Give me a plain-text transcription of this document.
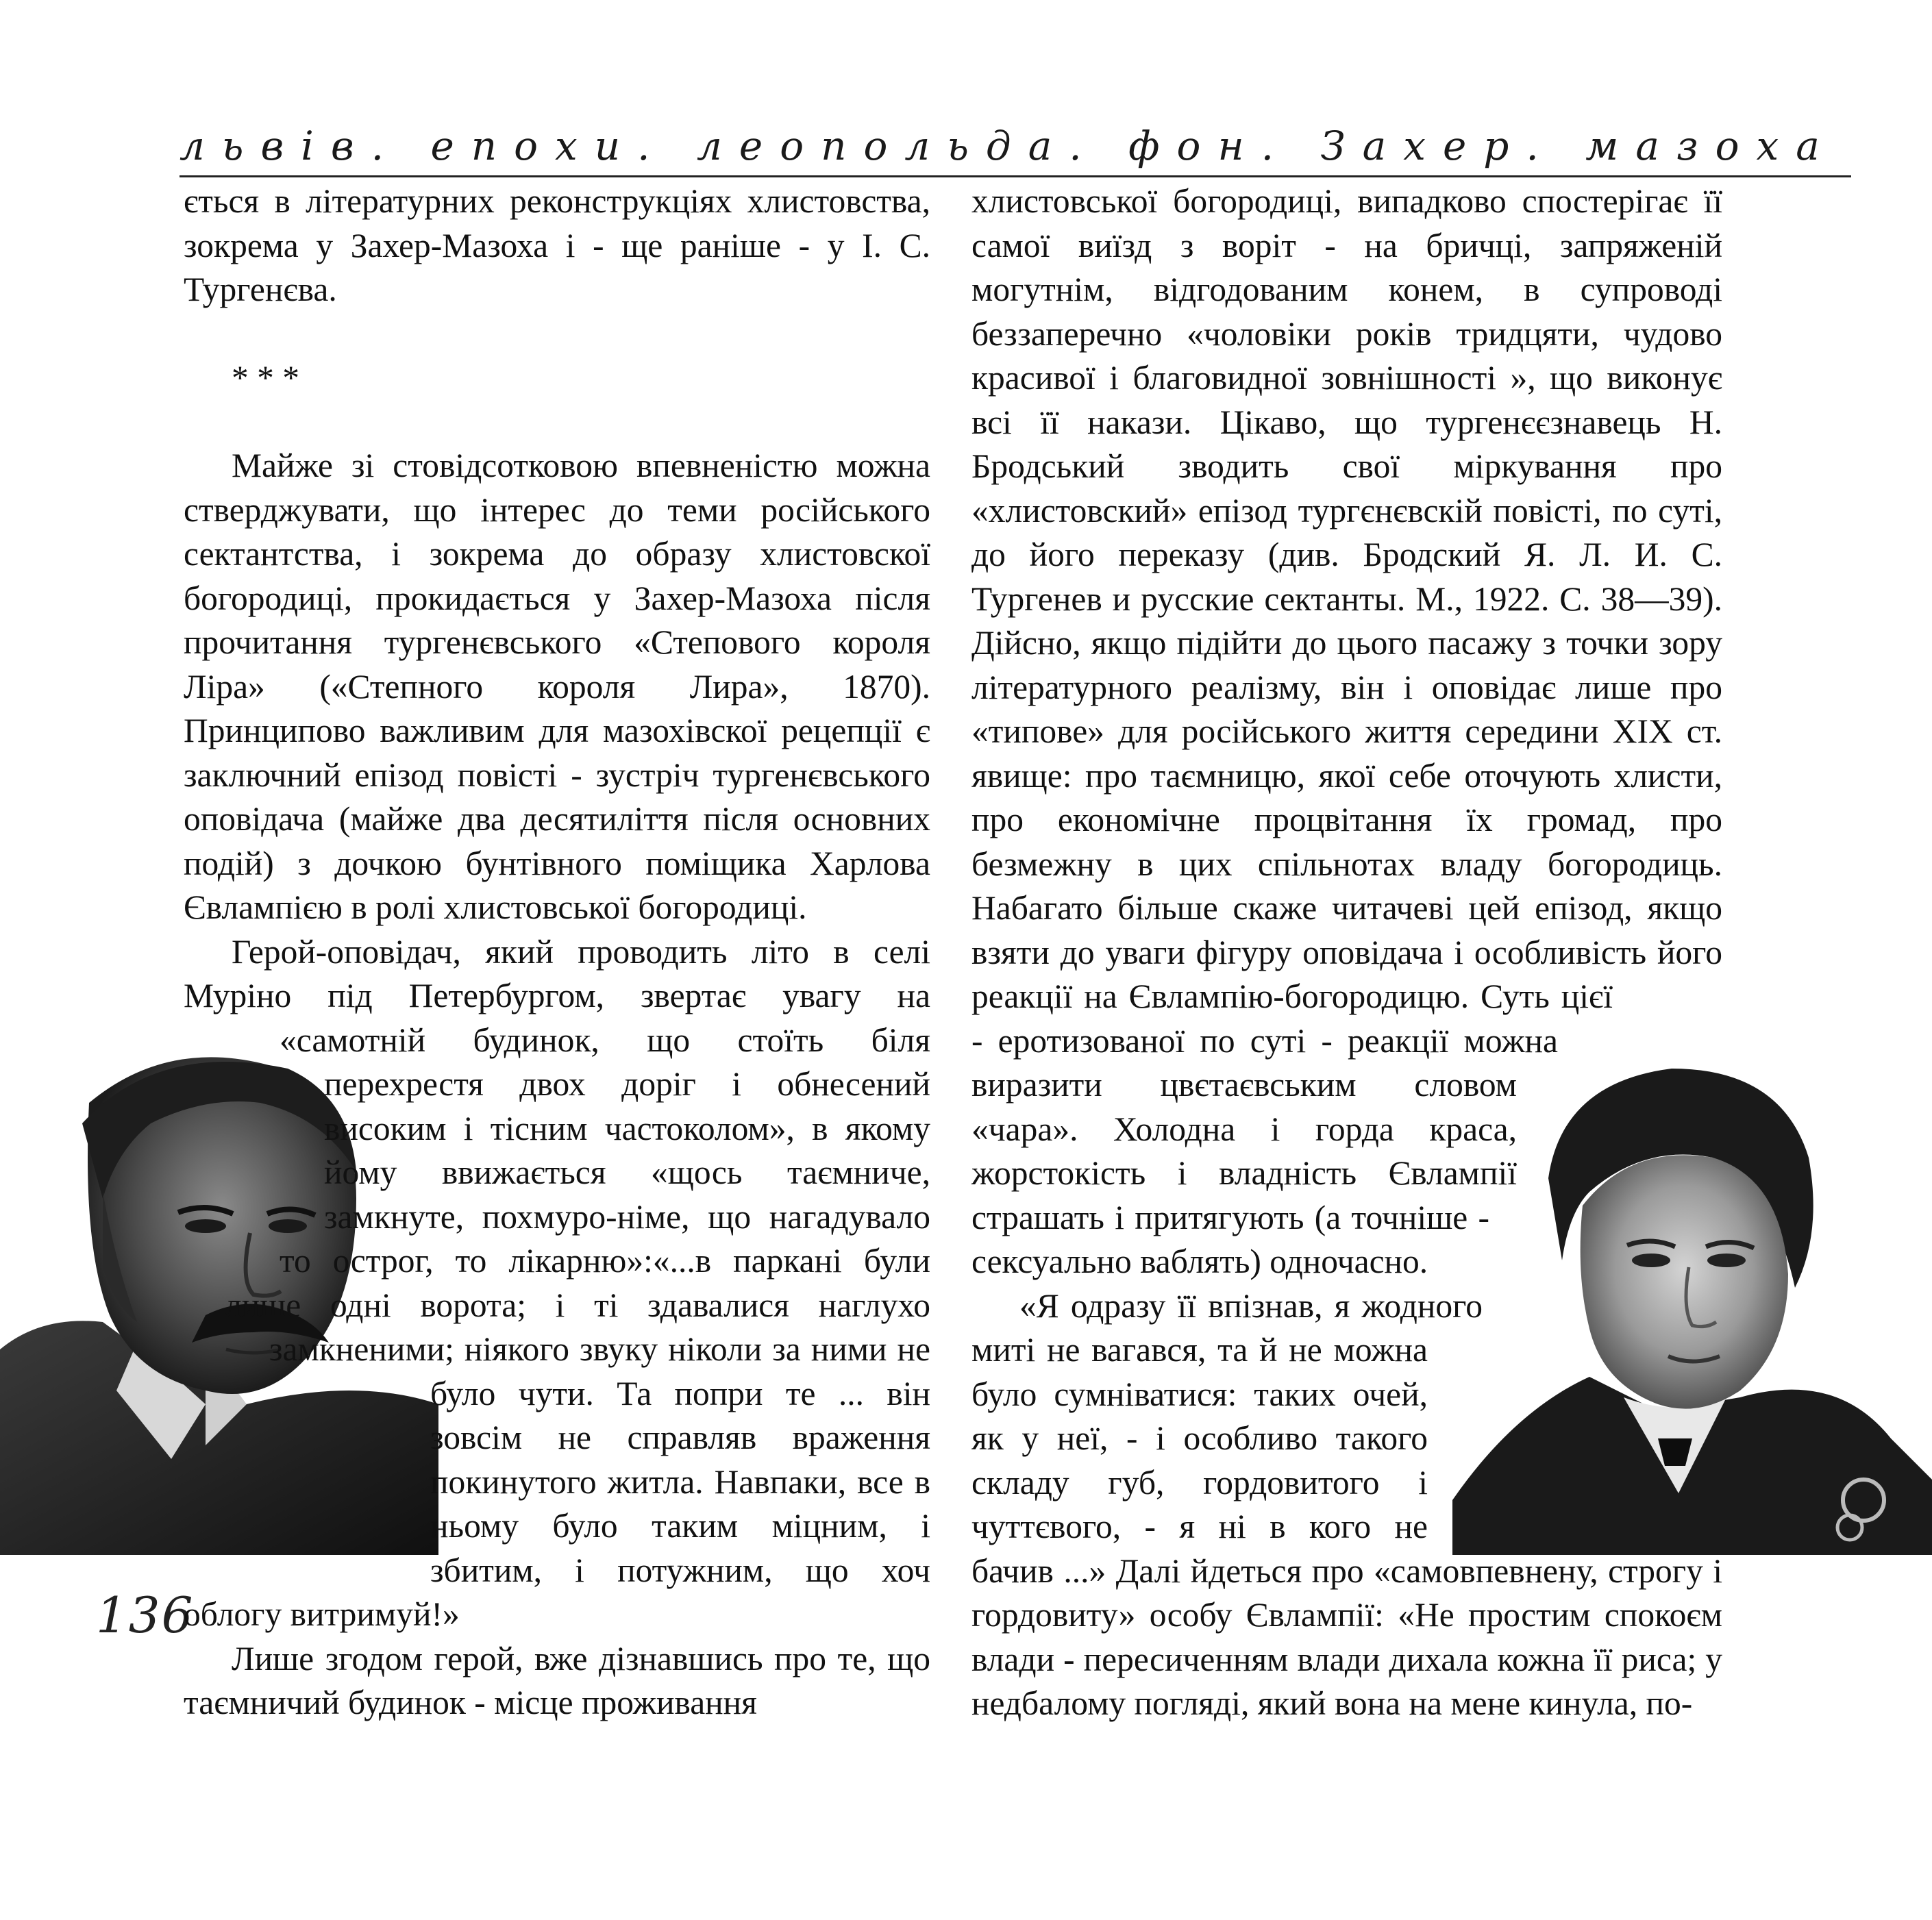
львів. епохи. леопольда. фон. Захер. мазоха
136

ється в літературних реконструкціях хлистовства, зокрема у Захер-Мазоха і - ще раніше - у І. С. Тургенєва.

* * *

Майже зі стовідсотковою впевненістю можна стверджувати, що інтерес до теми російського сектантства, і зокрема до образу хлистовскої богородиці, прокидається у Захер-Мазоха після прочитання тургенєвського «Степового короля Ліра» («Степного короля Лира», 1870). Принципово важливим для мазохівскої рецепції є заключний епізод повісті - зустріч тургенєвського оповідача (майже два десятиліття після основних подій) з дочкою бунтівного поміщика Харлова Євлампією в ролі хлистовської богородиці.

Герой-оповідач, який проводить літо в селі Муріно під Петербургом, звертає увагу на «самотній будинок, що стоїть біля перехрестя двох доріг і обнесений високим і тісним частоколом», в якому йому ввижається «щось таємниче, замкнуте, похмуро-німе, що нагадувало то острог, то лікарню»:«...в паркані були лише одні ворота; і ті здавалися наглухо замкненими; ніякого звуку ніколи за ними не було чути. Та попри те ... він зовсім не справляв враження покинутого житла. Навпаки, все в ньому було таким міцним, і збитим, і потужним, що хоч облогу витримуй!»

Лише згодом герой, вже дізнавшись про те, що таємничий будинок - місце проживання

хлистовської богородиці, випадково спостерігає її самої виїзд з воріт - на бричці, запряженій могутнім, відгодованим конем, в супроводі беззаперечно «чоловіки років тридцяти, чудово красивої і благовидної зовнішності », що виконує всі її накази. Цікаво, що тургенєєзнавець Н. Бродський зводить свої міркування про «хлистовский» епізод тургєнєвскій повісті, по суті, до його переказу (див. Бродский Я. Л. И. С. Тургенев и русские сектанты. М., 1922. С. 38—39). Дійсно, якщо підійти до цього пасажу з точки зору літературного реалізму, він і оповідає лише про «типове» для російського життя середини XIX ст. явище: про таємницю, якої себе оточують хлисти, про економічне процвітання їх громад, про безмежну в цих спільнотах владу богородиць. Набагато більше скаже читачеві цей епізод, якщо взяти до уваги фігуру оповідача і особливість його реакції на Євлампію-богородицю. Суть цієї - еротизованої по суті - реакції можна виразити цвєтаєвським словом «чара». Холодна і горда краса, жорстокість і владність Євлампії страшать і притягують (а точніше - сексуально ваблять) одночасно.

«Я одразу її впізнав, я жодного миті не вагався, та й не можна було сумніватися: таких очей, як у неї, - і особливо такого складу губ, гордовитого і чуттєвого, - я ні в кого не бачив ...» Далі йдеться про «самовпевнену, строгу і гордовиту» особу Євлампії: «Не простим спокоєм влади - пересиченням влади дихала кожна її риса; у недбалому погляді, який вона на мене кинула, по-
